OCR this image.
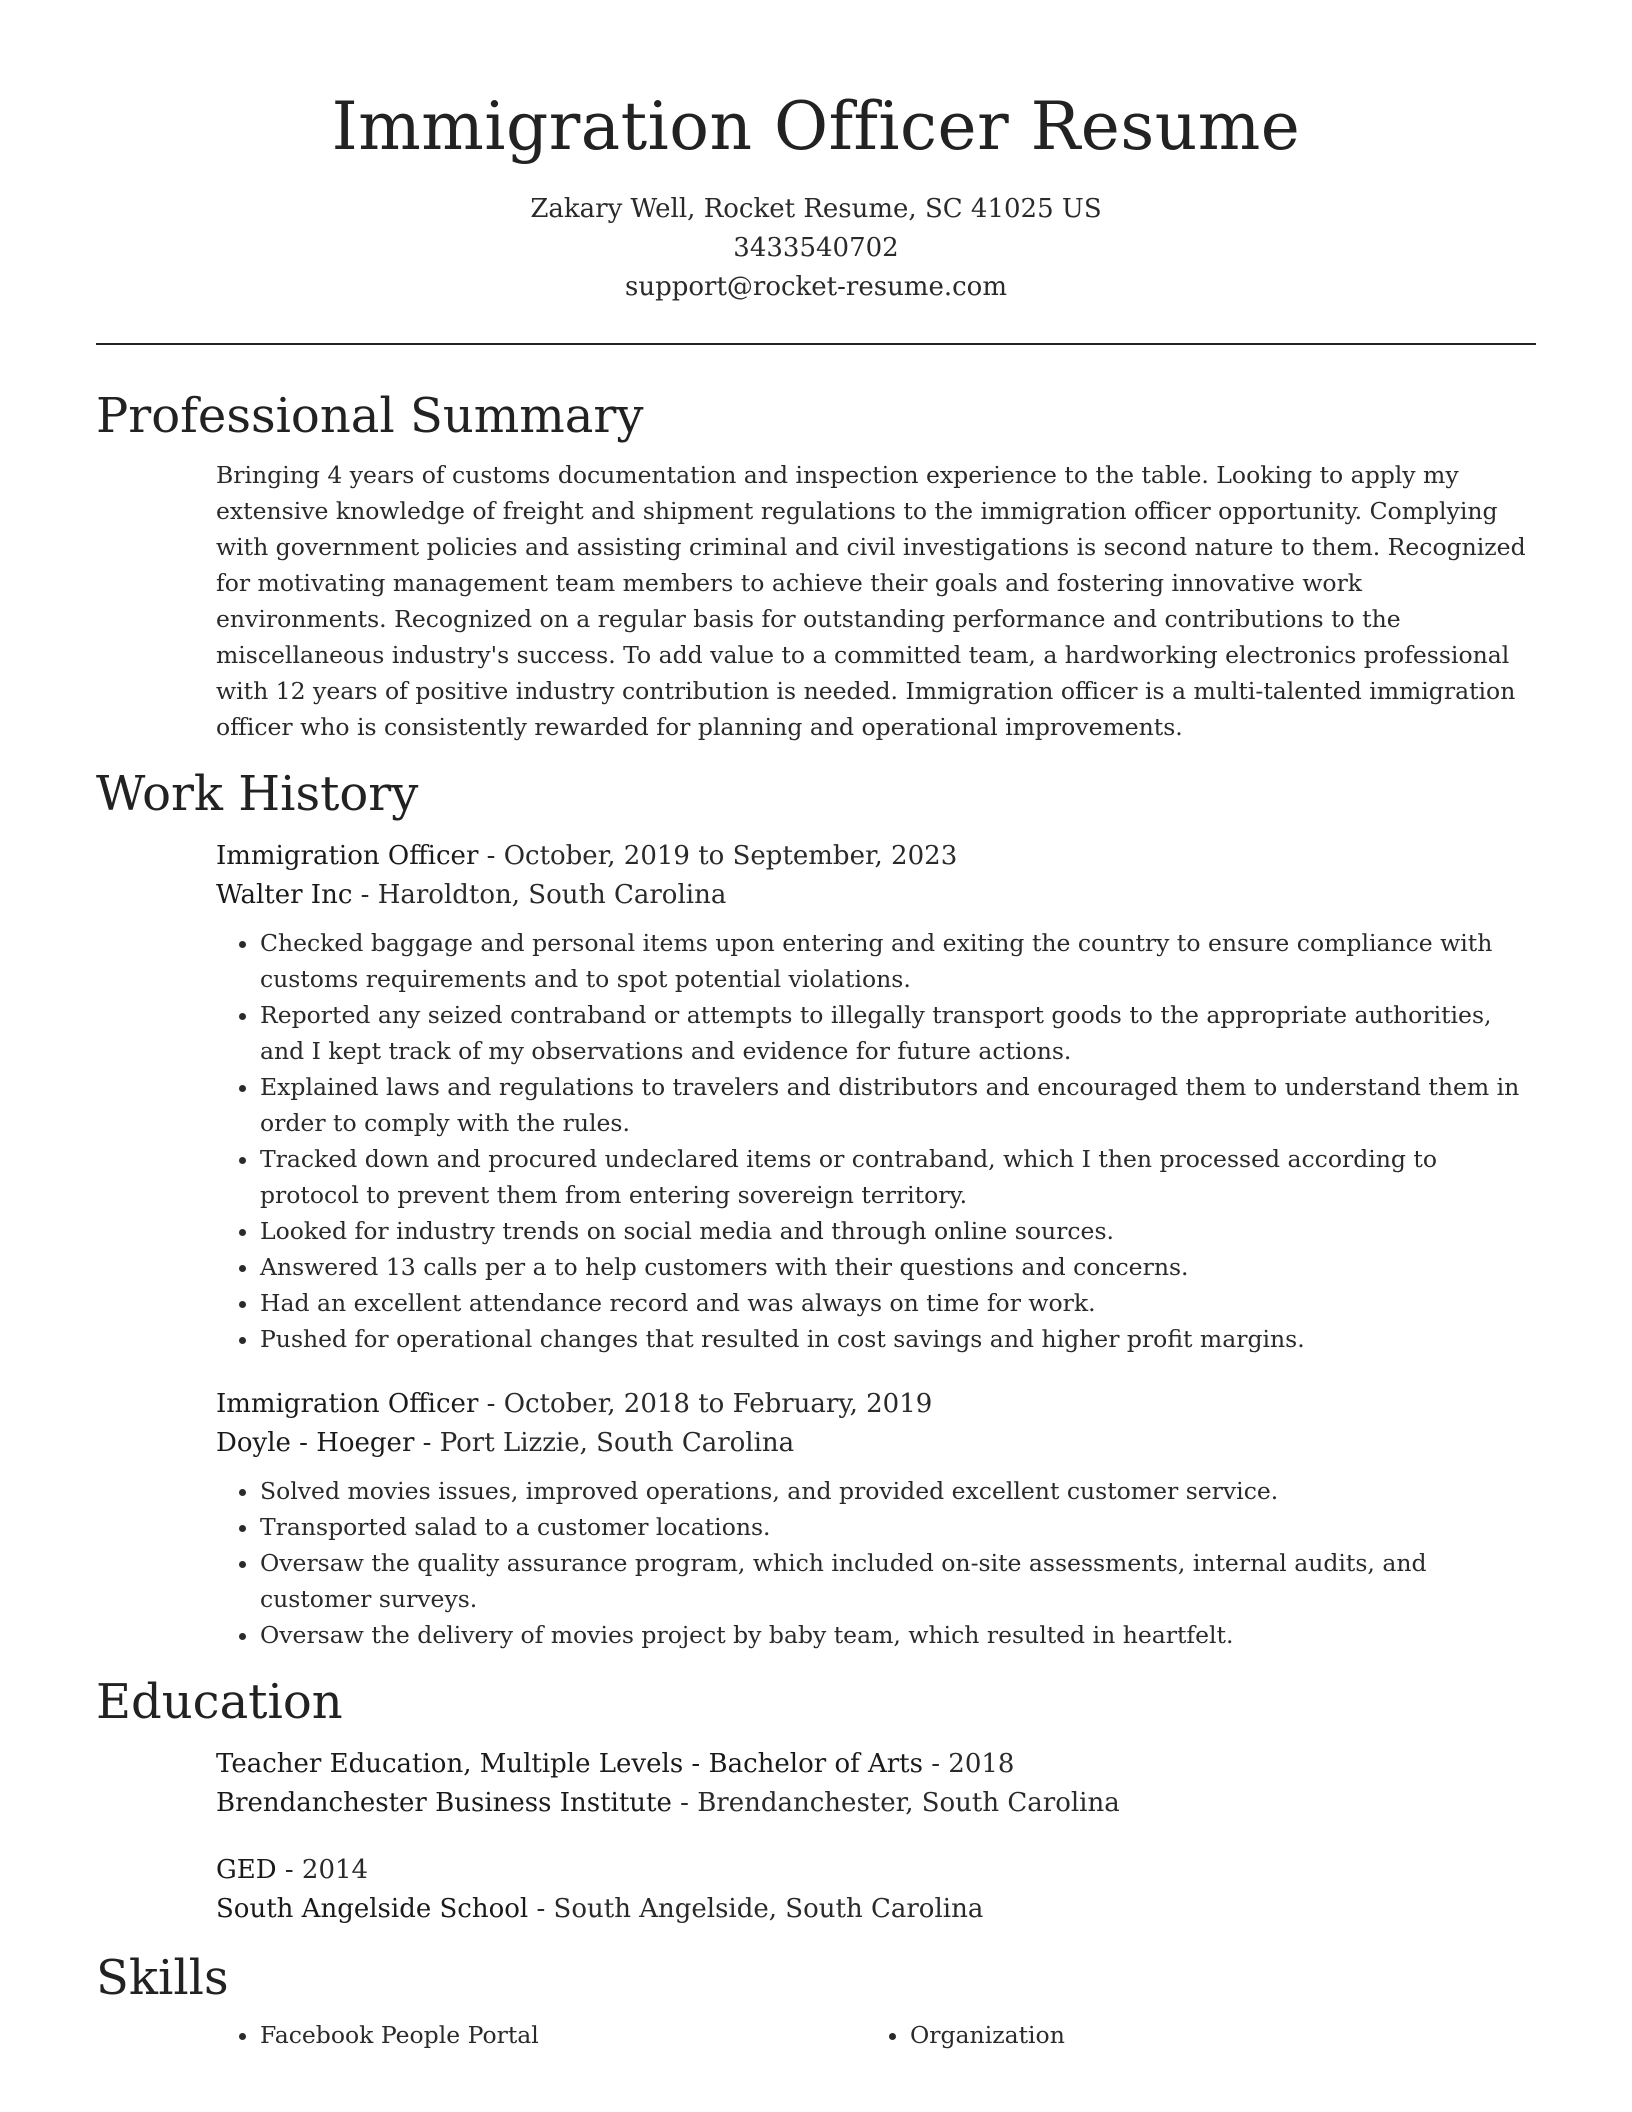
Immigration Officer Resume
Zakary Well, Rocket Resume, SC 41025 US
3433540702
support@rocket-resume.com
Professional Summary

Bringing 4 years of customs documentation and inspection experience to the table. Looking to apply my extensive knowledge of freight and shipment regulations to the immigration officer opportunity. Complying with government policies and assisting criminal and civil investigations is second nature to them. Recognized for motivating management team members to achieve their goals and fostering innovative work environments. Recognized on a regular basis for outstanding performance and contributions to the miscellaneous industry's success. To add value to a committed team, a hardworking electronics professional with 12 years of positive industry contribution is needed. Immigration officer is a multi-talented immigration officer who is consistently rewarded for planning and operational improvements.

Work History
Immigration Officer - October, 2019 to September, 2023
Walter Inc - Haroldton, South Carolina
• Checked baggage and personal items upon entering and exiting the country to ensure compliance with customs requirements and to spot potential violations.
• Reported any seized contraband or attempts to illegally transport goods to the appropriate authorities, and I kept track of my observations and evidence for future actions.
• Explained laws and regulations to travelers and distributors and encouraged them to understand them in order to comply with the rules.
• Tracked down and procured undeclared items or contraband, which I then processed according to protocol to prevent them from entering sovereign territory.
• Looked for industry trends on social media and through online sources.
• Answered 13 calls per a to help customers with their questions and concerns.
• Had an excellent attendance record and was always on time for work.
• Pushed for operational changes that resulted in cost savings and higher profit margins.
Immigration Officer - October, 2018 to February, 2019
Doyle - Hoeger - Port Lizzie, South Carolina
• Solved movies issues, improved operations, and provided excellent customer service.
• Transported salad to a customer locations.
• Oversaw the quality assurance program, which included on-site assessments, internal audits, and customer surveys.
• Oversaw the delivery of movies project by baby team, which resulted in heartfelt.
Education
Teacher Education, Multiple Levels - Bachelor of Arts - 2018
Brendanchester Business Institute - Brendanchester, South Carolina
GED - 2014
South Angelside School - South Angelside, South Carolina
Skills
• Facebook People Portal
•	Organization
